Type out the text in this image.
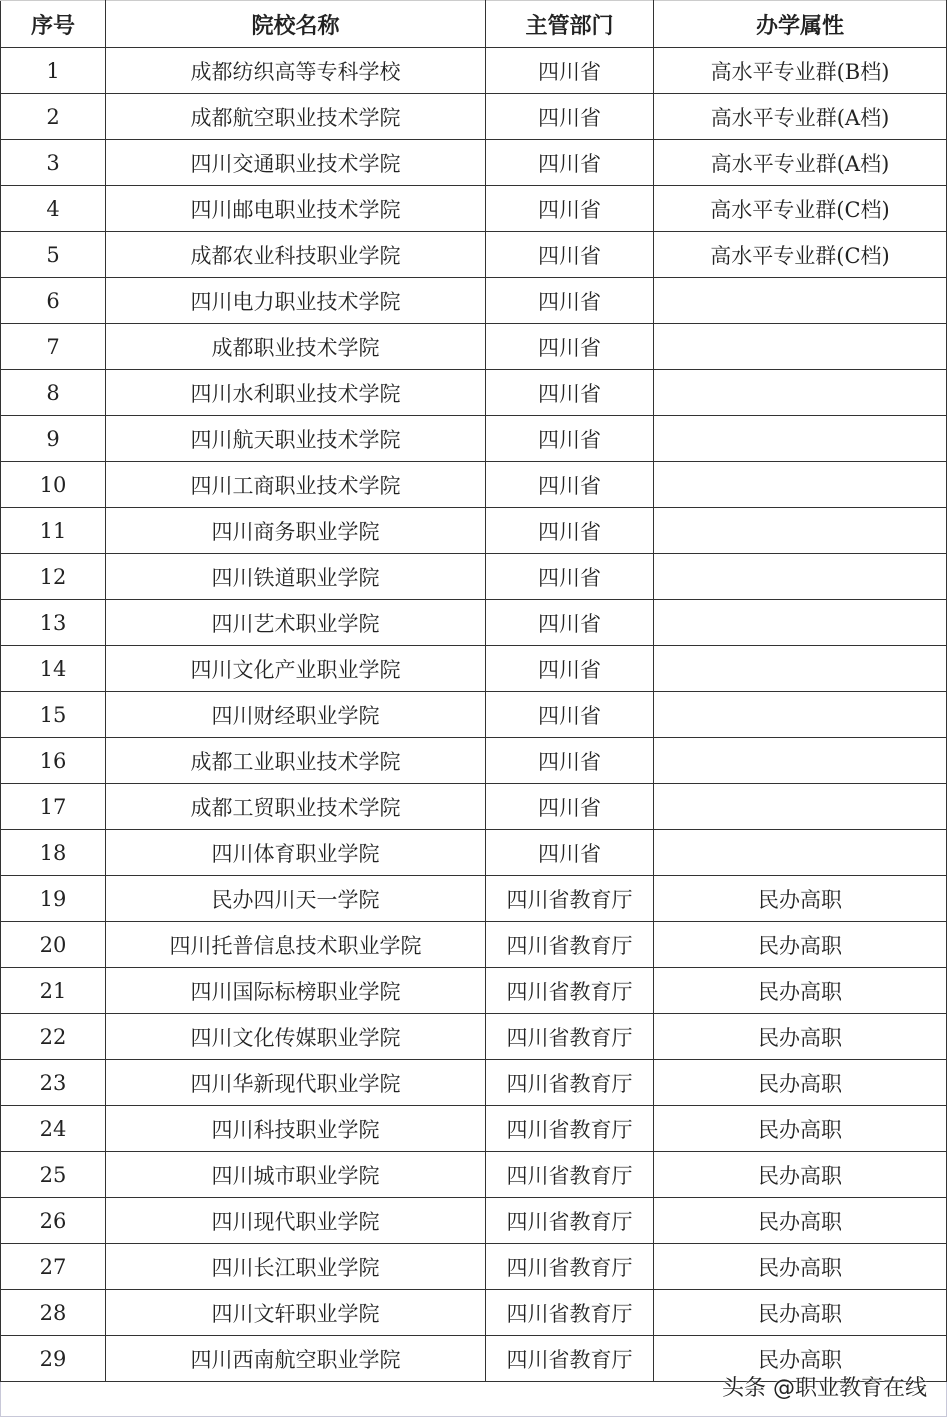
序号	院校名称	主管部门	办学属性
1	成都纺织高等专科学校	四川省	高水平专业群(B档)
2	成都航空职业技术学院	四川省	高水平专业群(A档)
3	四川交通职业技术学院	四川省	高水平专业群(A档)
4	四川邮电职业技术学院	四川省	高水平专业群(C档)
5	成都农业科技职业学院	四川省	高水平专业群(C档)
6	四川电力职业技术学院	四川省	
7	成都职业技术学院	四川省	
8	四川水利职业技术学院	四川省	
9	四川航天职业技术学院	四川省	
10	四川工商职业技术学院	四川省	
11	四川商务职业学院	四川省	
12	四川铁道职业学院	四川省	
13	四川艺术职业学院	四川省	
14	四川文化产业职业学院	四川省	
15	四川财经职业学院	四川省	
16	成都工业职业技术学院	四川省	
17	成都工贸职业技术学院	四川省	
18	四川体育职业学院	四川省	
19	民办四川天一学院	四川省教育厅	民办高职
20	四川托普信息技术职业学院	四川省教育厅	民办高职
21	四川国际标榜职业学院	四川省教育厅	民办高职
22	四川文化传媒职业学院	四川省教育厅	民办高职
23	四川华新现代职业学院	四川省教育厅	民办高职
24	四川科技职业学院	四川省教育厅	民办高职
25	四川城市职业学院	四川省教育厅	民办高职
26	四川现代职业学院	四川省教育厅	民办高职
27	四川长江职业学院	四川省教育厅	民办高职
28	四川文轩职业学院	四川省教育厅	民办高职
29	四川西南航空职业学院	四川省教育厅	民办高职
头条 @职业教育在线
